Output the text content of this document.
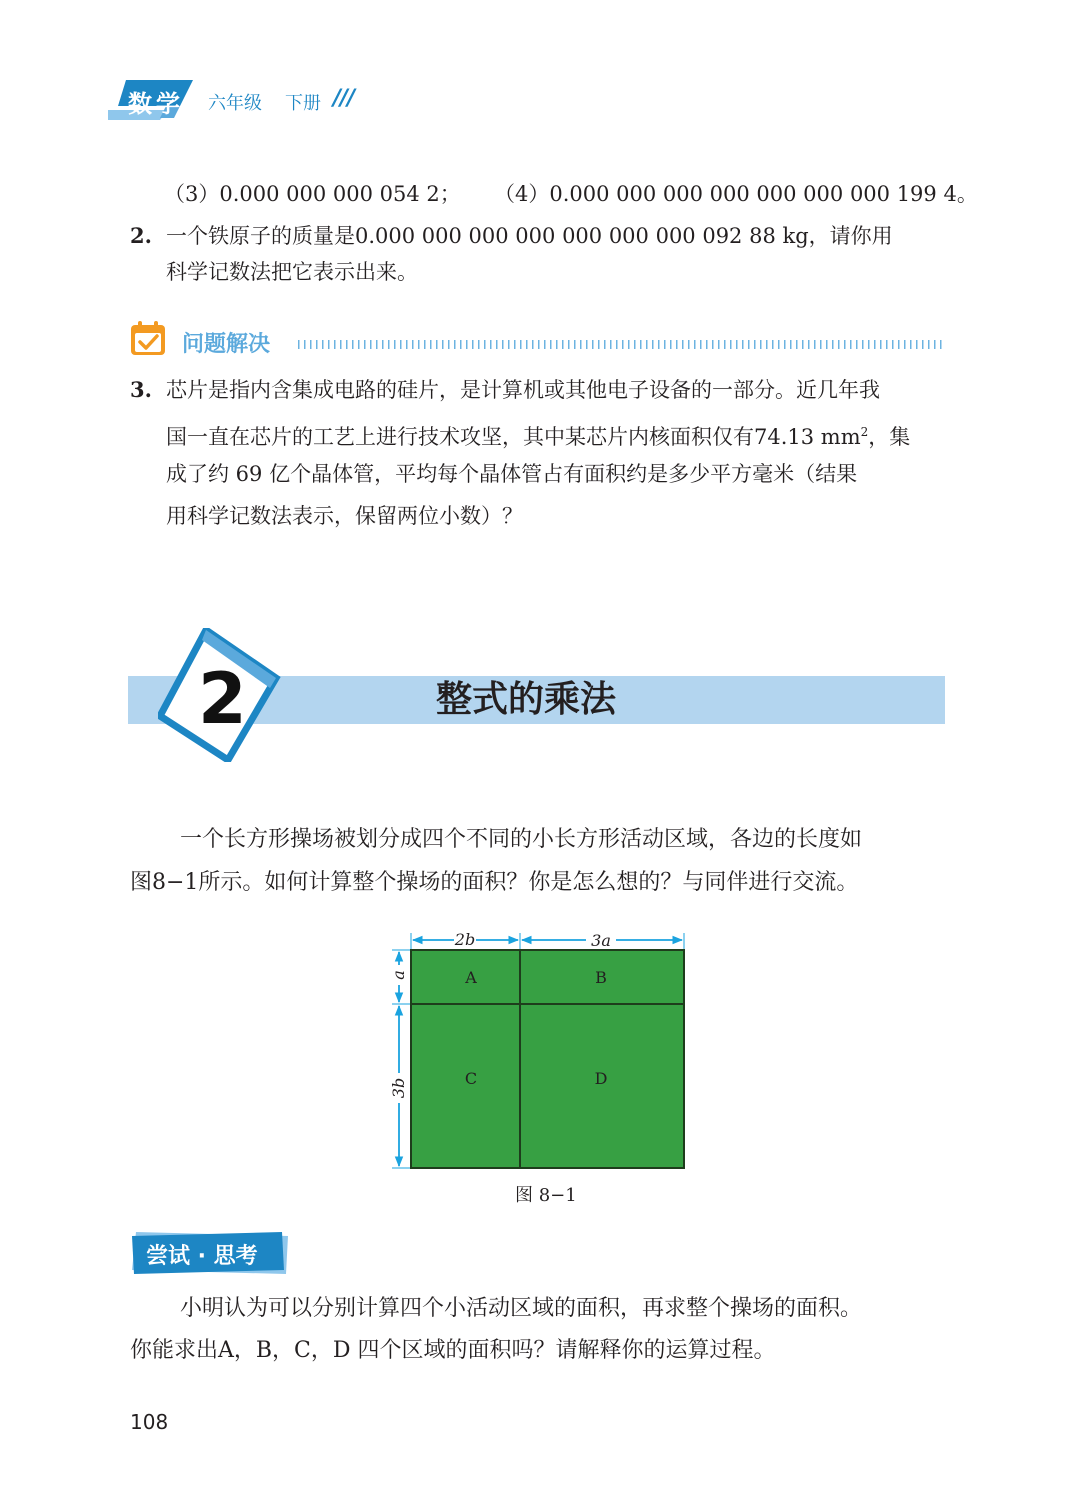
数学 六年级 下册 ///
（3）0.000 000 000 054 2； （4）0.000 000 000 000 000 000 000 199 4。
2. 一个铁原子的质量是0.000 000 000 000 000 000 000 092 88 kg，请你用
科学记数法把它表示出来。
问题解决
3. 芯片是指内含集成电路的硅片，是计算机或其他电子设备的一部分。近几年我
国一直在芯片的工艺上进行技术攻坚，其中某芯片内核面积仅有74.13 $mm^2$，集
成了约 69 亿个晶体管，平均每个晶体管占有面积约是多少平方毫米（结果
用科学记数法表示，保留两位小数）？
2	整式的乘法
一个长方形操场被划分成四个不同的小长方形活动区域，各边的长度如
图8−1所示。如何计算整个操场的面积？你是怎么想的？与同伴进行交流。
2b	3a
a
3b
A	B
C	D
图 8−1
尝试 · 思考
小明认为可以分别计算四个小活动区域的面积，再求整个操场的面积。
你能求出A，B，C，D 四个区域的面积吗？请解释你的运算过程。
108
